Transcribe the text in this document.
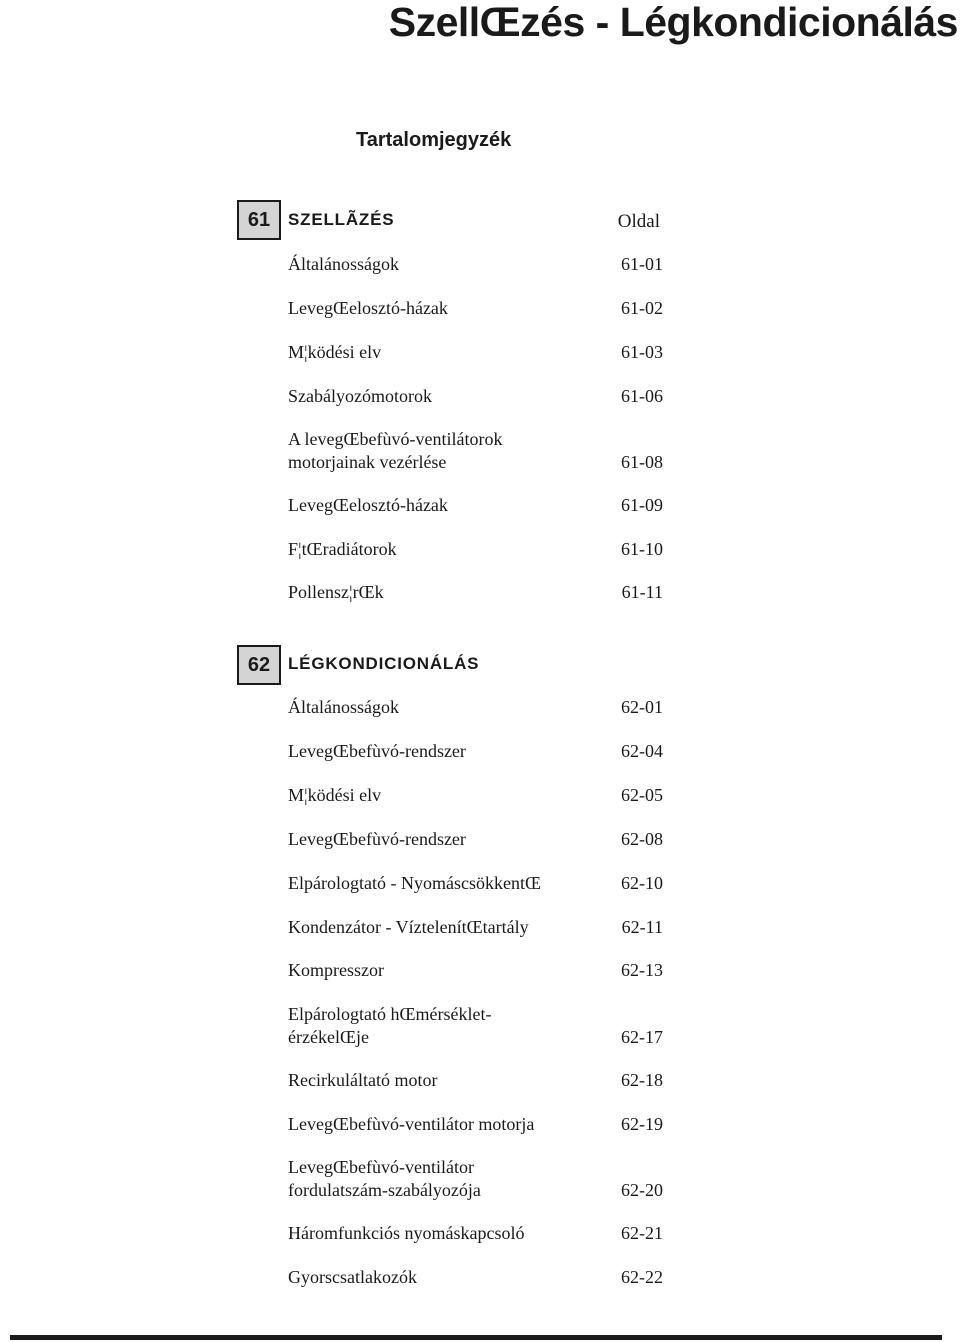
SzellŒzés - Légkondicionálás
Tartalomjegyzék
61	SZELLÃZÉS	Oldal
Általánosságok	61-01
LevegŒelosztó-házak	61-02
M¦ködési elv	61-03
Szabályozómotorok	61-06
A levegŒbefùvó-ventilátorok
motorjainak vezérlése	61-08
LevegŒelosztó-házak	61-09
F¦tŒradiátorok	61-10
Pollensz¦rŒk	61-11
62	LÉGKONDICIONÁLÁS
Általánosságok	62-01
LevegŒbefùvó-rendszer	62-04
M¦ködési elv	62-05
LevegŒbefùvó-rendszer	62-08
Elpárologtató - NyomáscsökkentŒ	62-10
Kondenzátor - VíztelenítŒtartály	62-11
Kompresszor	62-13
Elpárologtató hŒmérséklet-
érzékelŒje	62-17
Recirkuláltató motor	62-18
LevegŒbefùvó-ventilátor motorja	62-19
LevegŒbefùvó-ventilátor
fordulatszám-szabályozója	62-20
Háromfunkciós nyomáskapcsoló	62-21
Gyorscsatlakozók	62-22
